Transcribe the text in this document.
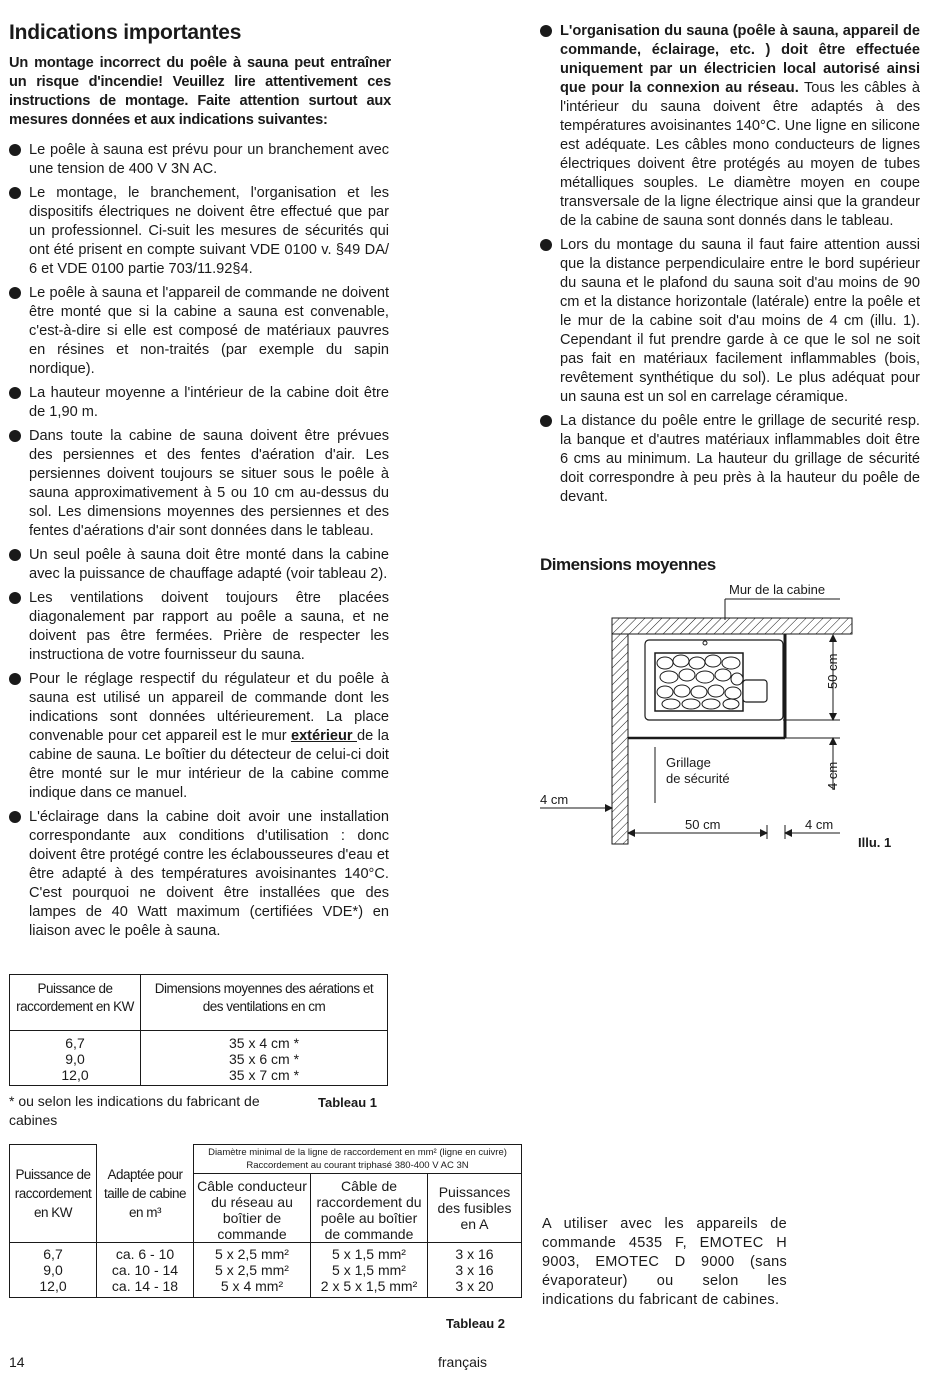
Indications importantes
Un montage incorrect du poêle à sauna peut entraîner un risque d'incendie! Veuillez lire attentivement ces instructions de montage. Faite attention surtout aux mesures données et aux indications suivantes:
Le poêle à sauna est prévu pour un branchement avec une tension de 400 V 3N AC.
Le montage, le branchement, l'organisation et les dispositifs électriques ne doivent être effectué que par un professionnel. Ci-suit les mesures de sécurités qui ont été prisent en compte suivant VDE 0100 v. §49 DA/ 6 et VDE 0100 partie 703/11.92§4.
Le poêle à sauna et l'appareil de commande ne doivent être monté que si la cabine a sauna est convenable, c'est-à-dire si elle est composé de matériaux pauvres en résines et non-traités (par exemple du sapin nordique).
La hauteur moyenne a l'intérieur de la cabine doit être de 1,90 m.
Dans toute la cabine de sauna doivent être prévues des persiennes et des fentes d'aération d'air. Les persiennes doivent toujours se situer sous le poêle à sauna approximativement à 5 ou 10 cm au-dessus du sol. Les dimensions moyennes des persiennes et des fentes d'aérations d'air sont données dans le tableau.
Un seul poêle à sauna doit être monté dans la cabine avec la puissance de chauffage adapté (voir tableau 2).
Les ventilations doivent toujours être placées diagonalement par rapport au poêle a sauna, et ne doivent pas être fermées. Prière de respecter les instructiona de votre fournisseur du sauna.
Pour le réglage respectif du régulateur et du poêle à sauna est utilisé un appareil de commande dont les indications sont données ultérieurement. La place convenable pour cet appareil est le mur extérieur de la cabine de sauna. Le boîtier du détecteur de celui-ci doit être monté sur le mur intérieur de la cabine comme indique dans ce manuel.
L'éclairage dans la cabine doit avoir une installation correspondante aux conditions d'utilisation : donc doivent être protégé contre les éclabousseures d'eau et être adapté à des températures avoisinantes 140°C. C'est pourquoi ne doivent être installées que des lampes de 40 Watt maximum (certifiées VDE*) en liaison avec le poêle à sauna.
L'organisation du sauna (poêle à sauna, appareil de commande, éclairage, etc. ) doit être effectuée uniquement par un électricien local autorisé ainsi que pour la connexion au réseau. Tous les câbles à l'intérieur du sauna doivent être adaptés à des températures avoisinantes 140°C. Une ligne en silicone est adéquate. Les câbles mono conducteurs de lignes électriques doivent être protégés au moyen de tubes métalliques souples. Le diamètre moyen en coupe transversale de la ligne électrique ainsi que la grandeur de la cabine de sauna sont donnés dans le tableau.
Lors du montage du sauna il faut faire attention aussi que la distance perpendiculaire entre le bord supérieur du sauna et le plafond du sauna soit d'au moins de 90 cm et la distance horizontale (latérale) entre la poêle et le mur de la cabine soit d'au moins de 4 cm (illu. 1). Cependant il fut prendre garde à ce que le sol ne soit pas fait en matériaux facilement inflammables (bois, revêtement synthétique du sol). Le plus adéquat pour un sauna est un sol en carrelage céramique.
La distance du poêle entre le grillage de securité resp. la banque et d'autres matériaux inflammables doit être 6 cms au minimum. La hauteur du grillage de sécurité doit correspondre à peu près à la hauteur du poêle de devant.
Dimensions moyennes
Mur de la cabine
50 cm
4 cm
Grillage
de sécurité
4 cm
50 cm	4 cm
Illu. 1
Puissance de raccordement en KW	Dimensions moyennes des aérations et des ventilations en cm
6,7	35 x 4 cm *
9,0	35 x 6 cm *
12,0	35 x 7 cm *
* ou selon les indications du fabricant de cabines
Tableau 1
Puissance de raccordement en KW	Adaptée pour taille de cabine en m³	Diamètre minimal de la ligne de raccordement en mm² (ligne en cuivre)
Raccordement au courant triphasé 380-400 V AC 3N		

		Câble conducteur du réseau au boîtier de commande	Câble de raccordement du poêle au boîtier de commande	Puissances des fusibles en A
6,7	ca. 6 - 10	5 x 2,5 mm²	5 x 1,5 mm²	3 x 16
9,0	ca. 10 - 14	5 x 2,5 mm²	5 x 1,5 mm²	3 x 16
12,0	ca. 14 - 18	5 x 4 mm²	2 x 5 x 1,5 mm²	3 x 20
Tableau 2
A utiliser avec les appareils de commande 4535 F, EMOTEC H 9003, EMOTEC D 9000 (sans évaporateur) ou selon les indications du fabricant de cabines.
14	français
